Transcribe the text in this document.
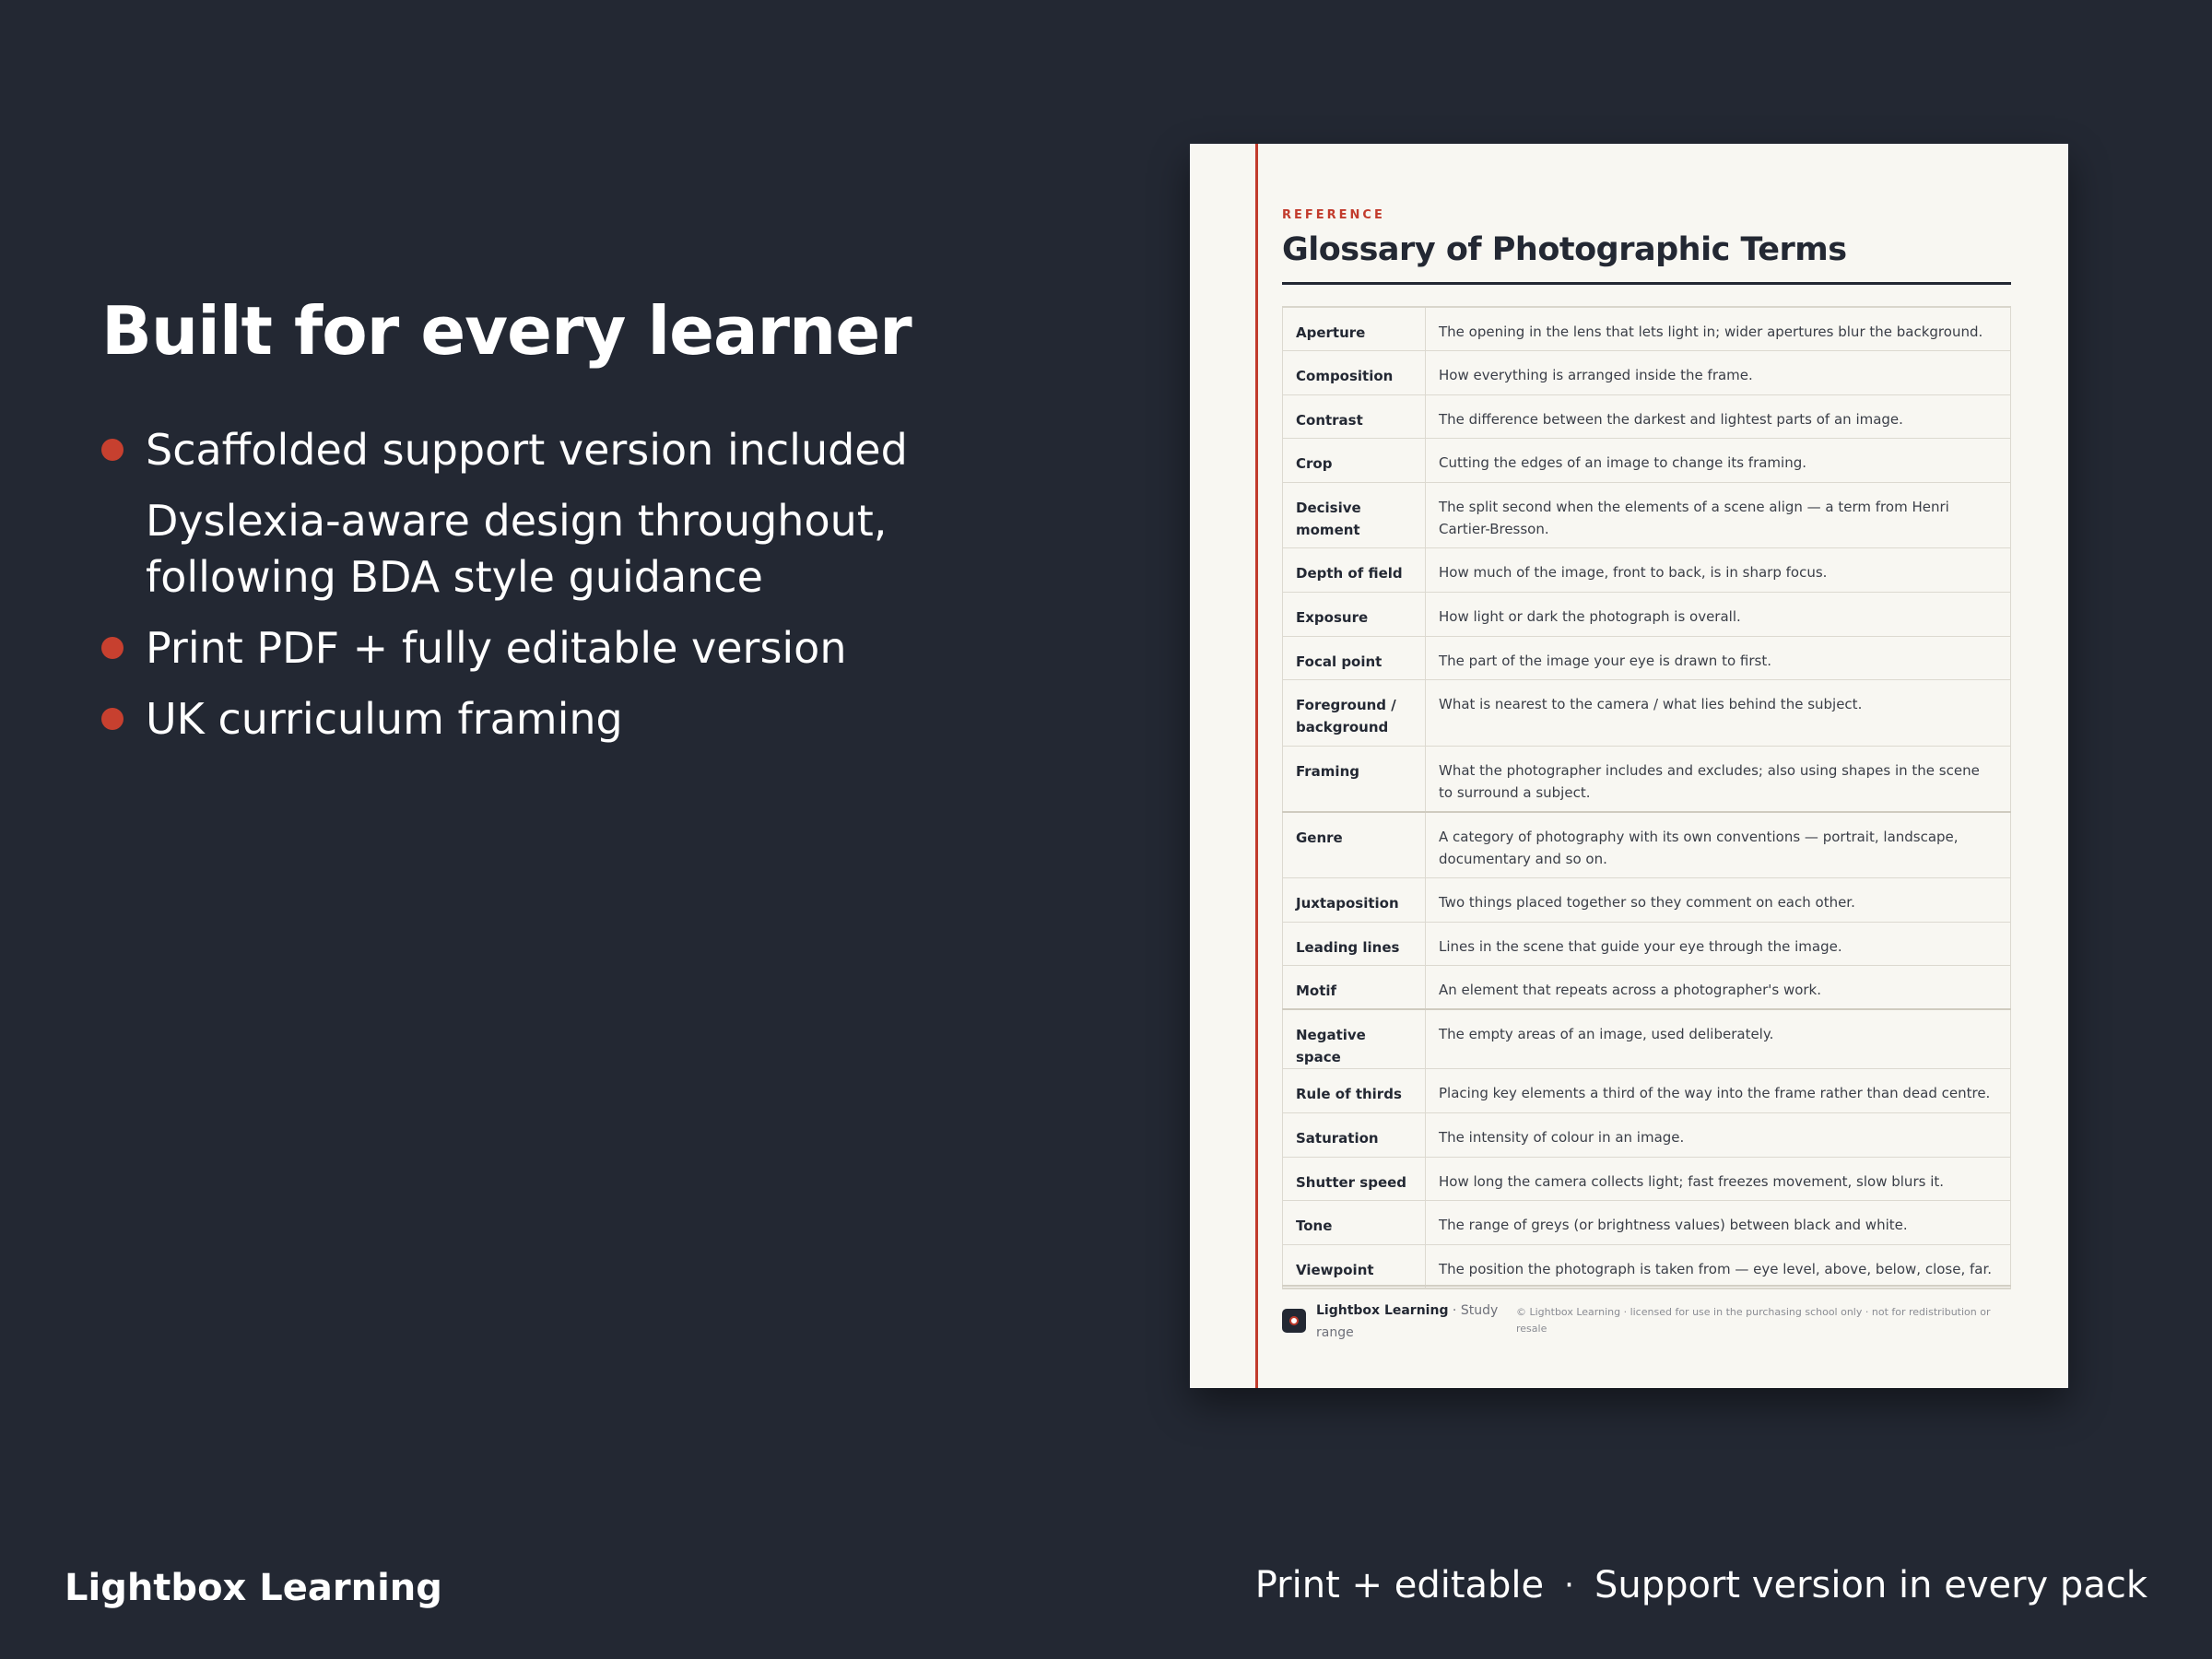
Built for every learner
Scaffolded support version included
Dyslexia-aware design throughout, following BDA style guidance
Print PDF + fully editable version
UK curriculum framing
REFERENCE
Glossary of Photographic Terms
Aperture	The opening in the lens that lets light in; wider apertures blur the background.
Composition	How everything is arranged inside the frame.
Contrast	The difference between the darkest and lightest parts of an image.
Crop	Cutting the edges of an image to change its framing.
Decisive moment	The split second when the elements of a scene align — a term from Henri Cartier-Bresson.
Depth of field	How much of the image, front to back, is in sharp focus.
Exposure	How light or dark the photograph is overall.
Focal point	The part of the image your eye is drawn to first.
Foreground / background	What is nearest to the camera / what lies behind the subject.
Framing	What the photographer includes and excludes; also using shapes in the scene to surround a subject.
Genre	A category of photography with its own conventions — portrait, landscape, documentary and so on.
Juxtaposition	Two things placed together so they comment on each other.
Leading lines	Lines in the scene that guide your eye through the image.
Motif	An element that repeats across a photographer's work.
Negative space	The empty areas of an image, used deliberately.
Rule of thirds	Placing key elements a third of the way into the frame rather than dead centre.
Saturation	The intensity of colour in an image.
Shutter speed	How long the camera collects light; fast freezes movement, slow blurs it.
Tone	The range of greys (or brightness values) between black and white.
Viewpoint	The position the photograph is taken from — eye level, above, below, close, far.
Lightbox Learning · Study range
© Lightbox Learning · licensed for use in the purchasing school only · not for redistribution or resale
Lightbox Learning	Print + editable · Support version in every pack
